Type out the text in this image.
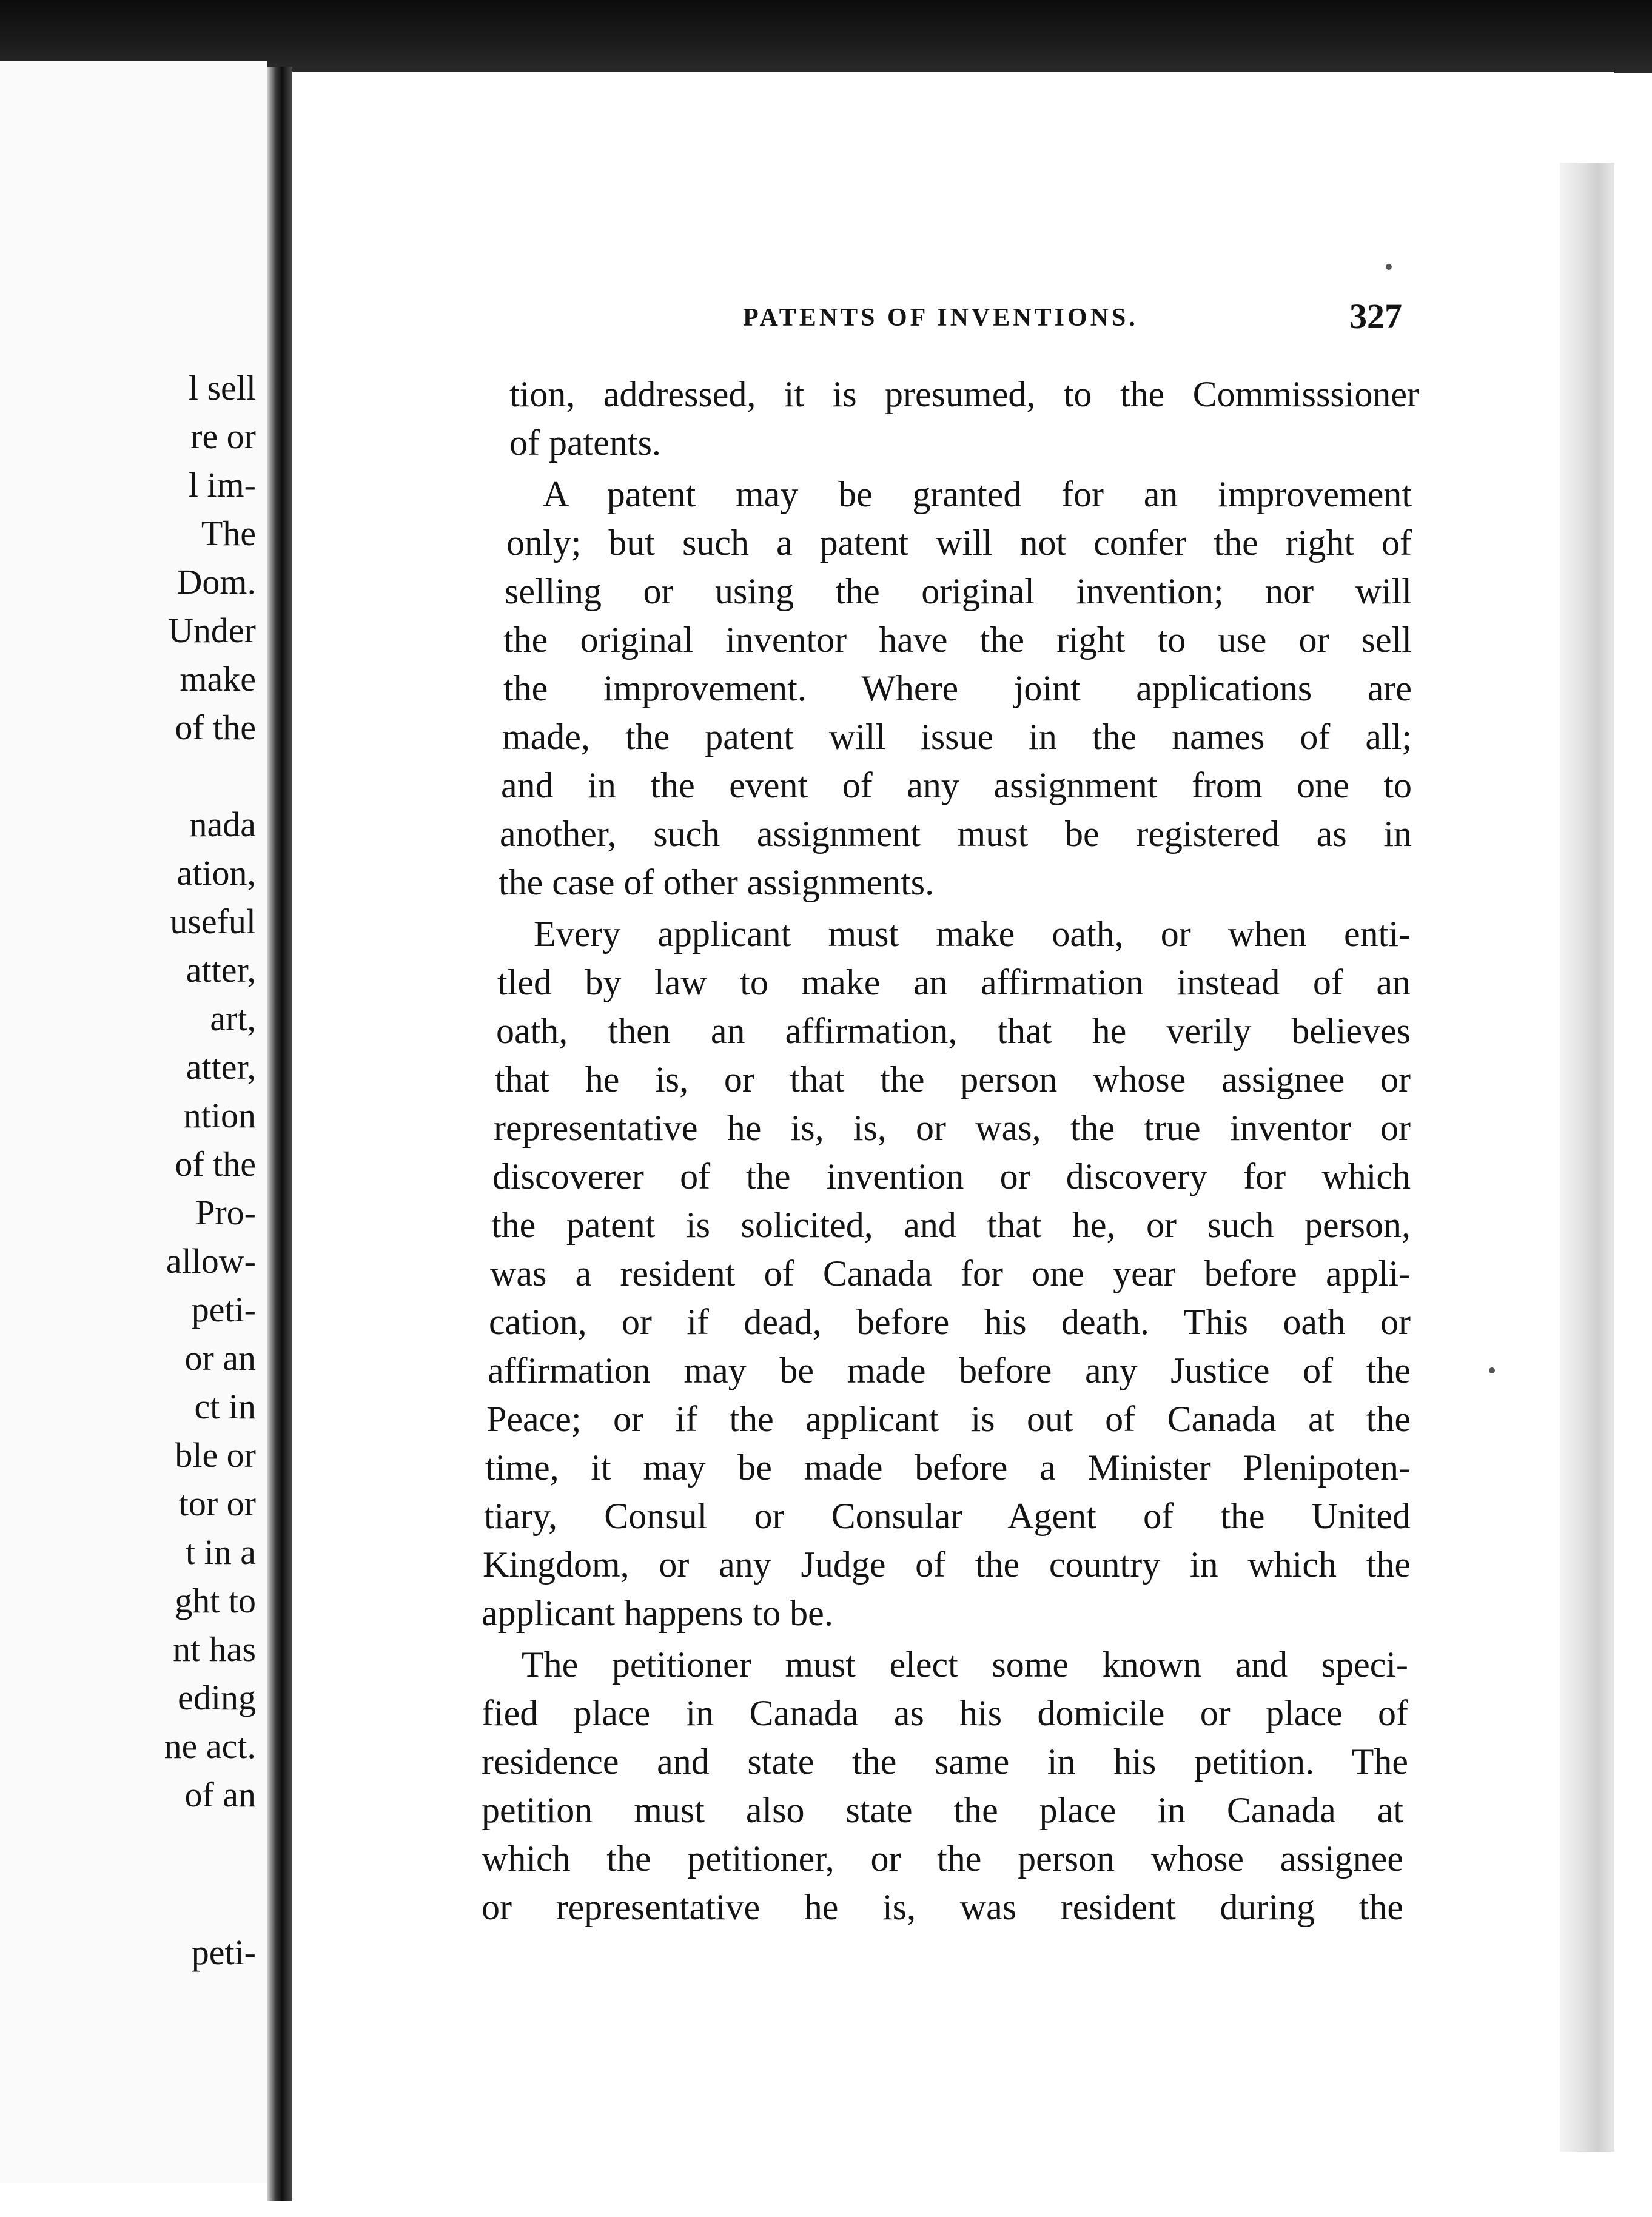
l sell
re or
l im-
The
Dom.
Under
make
of the
nada
ation,
useful
atter,
art,
atter,
ntion
of the
Pro-
allow-
peti-
or an
ct in
ble or
tor or
t in a
ght to
nt has
eding
ne act.
of an
peti-
PATENTS OF INVENTIONS.	327
tion, addressed, it is presumed, to the Commisssioner
of patents.
A patent may be granted for an improvement
only; but such a patent will not confer the right of
selling or using the original invention; nor will
the original inventor have the right to use or sell
the improvement. Where joint applications are
made, the patent will issue in the names of all;
and in the event of any assignment from one to
another, such assignment must be registered as in
the case of other assignments.
Every applicant must make oath, or when enti-
tled by law to make an affirmation instead of an
oath, then an affirmation, that he verily believes
that he is, or that the person whose assignee or
representative he is, is, or was, the true inventor or
discoverer of the invention or discovery for which
the patent is solicited, and that he, or such person,
was a resident of Canada for one year before appli-
cation, or if dead, before his death. This oath or
affirmation may be made before any Justice of the
Peace; or if the applicant is out of Canada at the
time, it may be made before a Minister Plenipoten-
tiary, Consul or Consular Agent of the United
Kingdom, or any Judge of the country in which the
applicant happens to be.
The petitioner must elect some known and speci-
fied place in Canada as his domicile or place of
residence and state the same in his petition. The
petition must also state the place in Canada at
which the petitioner, or the person whose assignee
or representative he is, was resident during the
